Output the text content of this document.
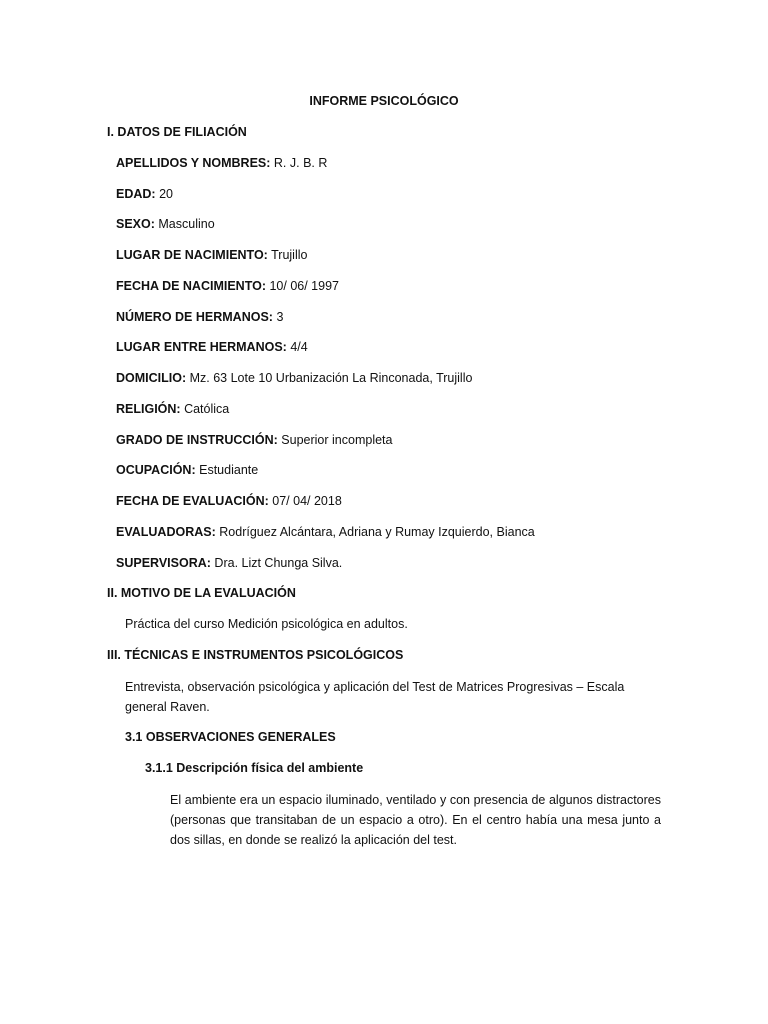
INFORME PSICOLÓGICO
I. DATOS DE FILIACIÓN
APELLIDOS Y NOMBRES: R. J. B. R
EDAD: 20
SEXO: Masculino
LUGAR DE NACIMIENTO: Trujillo
FECHA DE NACIMIENTO: 10/ 06/ 1997
NÚMERO DE HERMANOS: 3
LUGAR ENTRE HERMANOS: 4/4
DOMICILIO: Mz. 63 Lote 10 Urbanización La Rinconada, Trujillo
RELIGIÓN: Católica
GRADO DE INSTRUCCIÓN: Superior incompleta
OCUPACIÓN: Estudiante
FECHA DE EVALUACIÓN: 07/ 04/ 2018
EVALUADORAS: Rodríguez Alcántara, Adriana y Rumay Izquierdo, Bianca
SUPERVISORA: Dra. Lizt Chunga Silva.
II. MOTIVO DE LA EVALUACIÓN
Práctica del curso Medición psicológica en adultos.
III. TÉCNICAS E INSTRUMENTOS PSICOLÓGICOS
Entrevista, observación psicológica y aplicación del Test de Matrices Progresivas – Escala general Raven.
3.1 OBSERVACIONES GENERALES
3.1.1 Descripción física del ambiente
El ambiente era un espacio iluminado, ventilado y con presencia de algunos distractores (personas que transitaban de un espacio a otro). En el centro había una mesa junto a dos sillas, en donde se realizó la aplicación del test.
